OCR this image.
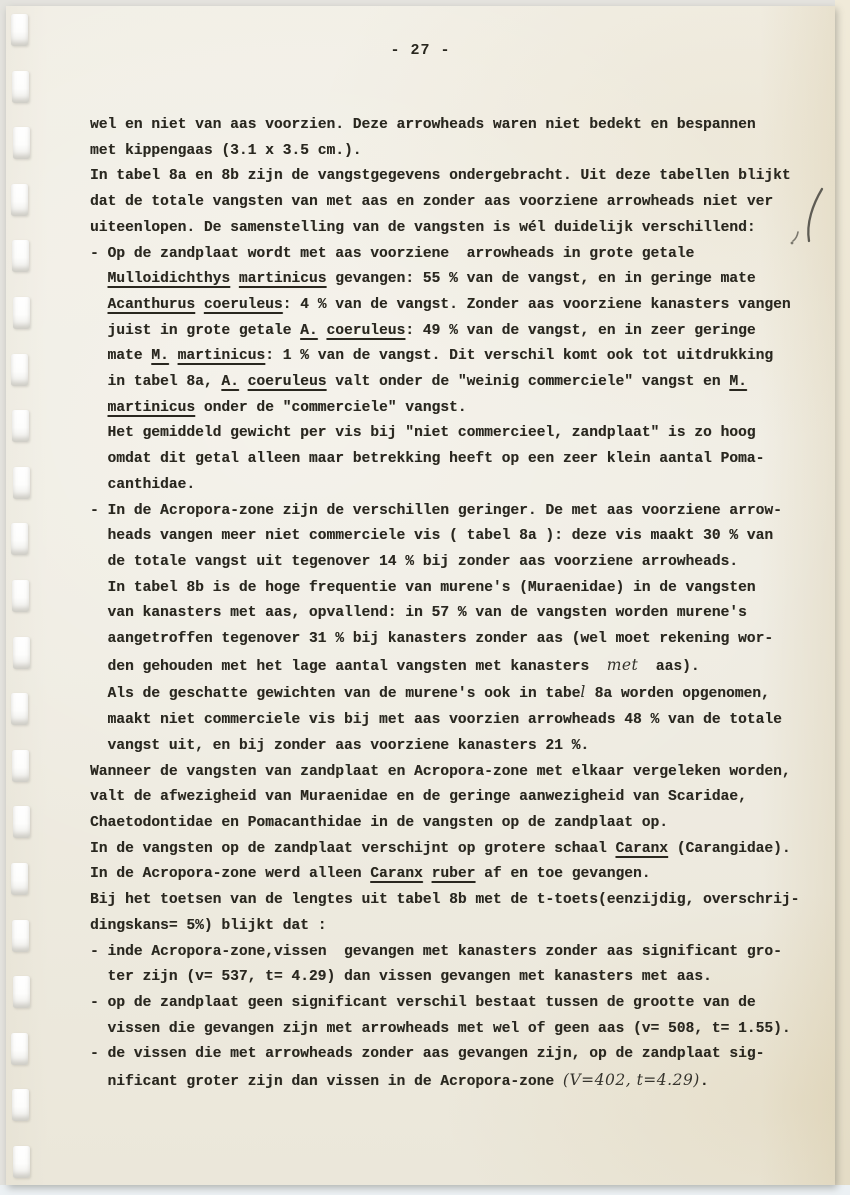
- 27 -
wel en niet van aas voorzien. Deze arrowheads waren niet bedekt en bespannen
met kippengaas (3.1 x 3.5 cm.).
In tabel 8a en 8b zijn de vangstgegevens ondergebracht. Uit deze tabellen blijkt
dat de totale vangsten van met aas en zonder aas voorziene arrowheads niet ver
uiteenlopen. De samenstelling van de vangsten is wél duidelijk verschillend:
- Op de zandplaat wordt met aas voorziene  arrowheads in grote getale
Mulloidichthys martinicus gevangen: 55 % van de vangst, en in geringe mate
Acanthurus coeruleus: 4 % van de vangst. Zonder aas voorziene kanasters vangen
juist in grote getale A. coeruleus: 49 % van de vangst, en in zeer geringe
mate M. martinicus: 1 % van de vangst. Dit verschil komt ook tot uitdrukking
in tabel 8a, A. coeruleus valt onder de "weinig commerciele" vangst en M.
martinicus onder de "commerciele" vangst.
Het gemiddeld gewicht per vis bij "niet commercieel, zandplaat" is zo hoog
omdat dit getal alleen maar betrekking heeft op een zeer klein aantal Poma-
canthidae.
- In de Acropora-zone zijn de verschillen geringer. De met aas voorziene arrow-
heads vangen meer niet commerciele vis ( tabel 8a ): deze vis maakt 30 % van
de totale vangst uit tegenover 14 % bij zonder aas voorziene arrowheads.
In tabel 8b is de hoge frequentie van murene's (Muraenidae) in de vangsten
van kanasters met aas, opvallend: in 57 % van de vangsten worden murene's
aangetroffen tegenover 31 % bij kanasters zonder aas (wel moet rekening wor-
den gehouden met het lage aantal vangsten met kanasters  met  aas).
Als de geschatte gewichten van de murene's ook in tabel 8a worden opgenomen,
maakt niet commerciele vis bij met aas voorzien arrowheads 48 % van de totale
vangst uit, en bij zonder aas voorziene kanasters 21 %.
Wanneer de vangsten van zandplaat en Acropora-zone met elkaar vergeleken worden,
valt de afwezigheid van Muraenidae en de geringe aanwezigheid van Scaridae,
Chaetodontidae en Pomacanthidae in de vangsten op de zandplaat op.
In de vangsten op de zandplaat verschijnt op grotere schaal Caranx (Carangidae).
In de Acropora-zone werd alleen Caranx ruber af en toe gevangen.
Bij het toetsen van de lengtes uit tabel 8b met de t-toets(eenzijdig, overschrij-
dingskans= 5%) blijkt dat :
- inde Acropora-zone,vissen  gevangen met kanasters zonder aas significant gro-
ter zijn (v= 537, t= 4.29) dan vissen gevangen met kanasters met aas.
- op de zandplaat geen significant verschil bestaat tussen de grootte van de
vissen die gevangen zijn met arrowheads met wel of geen aas (v= 508, t= 1.55).
- de vissen die met arrowheads zonder aas gevangen zijn, op de zandplaat sig-
nificant groter zijn dan vissen in de Acropora-zone (V=402, t=4.29).
